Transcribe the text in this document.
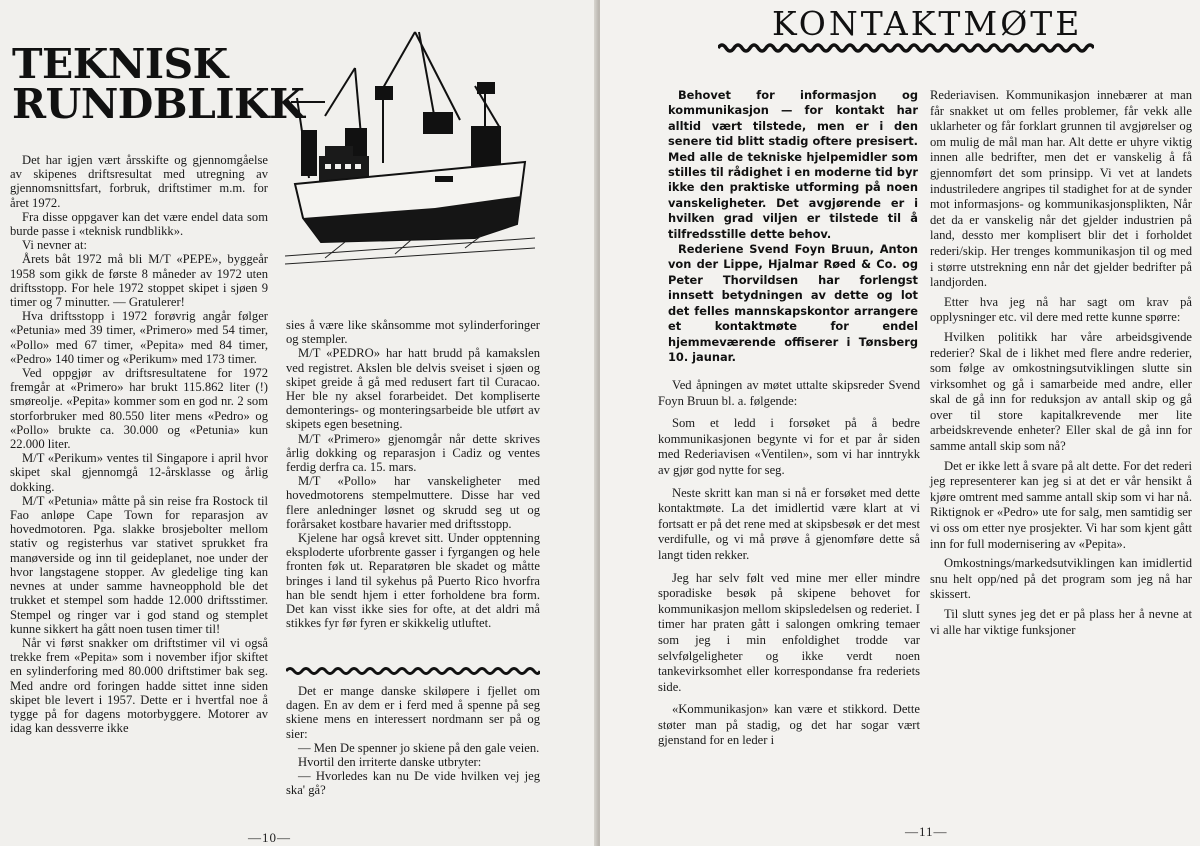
TEKNISK
RUNDBLIKK

Det har igjen vært årsskifte og gjennomgåelse av skipenes driftsresultat med utregning av gjennomsnittsfart, forbruk, driftstimer m.m. for året 1972.

Fra disse oppgaver kan det være endel data som burde passe i «teknisk rundblikk».

Vi nevner at:

Årets båt 1972 må bli M/T «PEPE», byggeår 1958 som gikk de første 8 måneder av 1972 uten driftsstopp. For hele 1972 stoppet skipet i sjøen 9 timer og 7 minutter. — Gratulerer!

Hva driftsstopp i 1972 forøvrig angår følger «Petunia» med 39 timer, «Primero» med 54 timer, «Pollo» med 67 timer, «Pepita» med 84 timer, «Pedro» 140 timer og «Perikum» med 173 timer.

Ved oppgjør av driftsresultatene for 1972 fremgår at «Primero» har brukt 115.862 liter (!) smøreolje. «Pepita» kommer som en god nr. 2 som storforbruker med 80.550 liter mens «Pedro» og «Pollo» brukte ca. 30.000 og «Petunia» kun 22.000 liter.

M/T «Perikum» ventes til Singapore i april hvor skipet skal gjennomgå 12-årsklasse og årlig dokking.

M/T «Petunia» måtte på sin reise fra Rostock til Fao anløpe Cape Town for reparasjon av hovedmotoren. Pga. slakke brosjebolter mellom stativ og registerhus var stativet sprukket fra manøverside og inn til geideplanet, noe under der hvor langstagene stopper. Av gledelige ting kan nevnes at under samme havneopphold ble det trukket et stempel som hadde 12.000 driftsstimer. Stempel og ringer var i god stand og stemplet kunne sikkert ha gått noen tusen timer til!

Når vi først snakker om driftstimer vil vi også trekke frem «Pepita» som i november ifjor skiftet en sylinderforing med 80.000 driftstimer bak seg. Med andre ord foringen hadde sittet inne siden skipet ble levert i 1957. Dette er i hvertfal noe å tygge på for dagens motorbyggere. Motorer av idag kan dessverre ikke

sies å være like skånsomme mot sylinderforinger og stempler.

M/T «PEDRO» har hatt brudd på kamakslen ved registret. Akslen ble delvis sveiset i sjøen og skipet greide å gå med redusert fart til Curacao. Her ble ny aksel forarbeidet. Det kompliserte demonterings- og monteringsarbeide ble utført av skipets egen besetning.

M/T «Primero» gjenomgår når dette skrives årlig dokking og reparasjon i Cadiz og ventes ferdig derfra ca. 15. mars.

M/T «Pollo» har vanskeligheter med hovedmotorens stempelmuttere. Disse har ved flere anledninger løsnet og skrudd seg ut og forårsaket kostbare havarier med driftsstopp.

Kjelene har også krevet sitt. Under opptenning eksploderte uforbrente gasser i fyrgangen og hele fronten føk ut. Reparatøren ble skadet og måtte bringes i land til sykehus på Puerto Rico hvorfra han ble sendt hjem i etter forholdene bra form. Det kan visst ikke sies for ofte, at det aldri må stikkes fyr før fyren er skikkelig utluftet.

Det er mange danske skiløpere i fjellet om dagen. En av dem er i ferd med å spenne på seg skiene mens en interessert nordmann ser på og sier:

— Men De spenner jo skiene på den gale veien.

Hvortil den irriterte danske utbryter:

— Hvorledes kan nu De vide hvilken vej jeg ska' gå?

—10—
KONTAKTMØTE

Behovet for informasjon og kommunikasjon — for kontakt har alltid vært tilstede, men er i den senere tid blitt stadig oftere presisert. Med alle de tekniske hjelpemidler som stilles til rådighet i en moderne tid byr ikke den praktiske utforming på noen vanskeligheter. Det avgjørende er i hvilken grad viljen er tilstede til å tilfredsstille dette behov.

Rederiene Svend Foyn Bruun, Anton von der Lippe, Hjalmar Røed & Co. og Peter Thorvildsen har forlengst innsett betydningen av dette og lot det felles mannskapskontor arrangere et kontaktmøte for endel hjemmeværende offiserer i Tønsberg 10. jaunar.

Ved åpningen av møtet uttalte skipsreder Svend Foyn Bruun bl. a. følgende:

Som et ledd i forsøket på å bedre kommunikasjonen begynte vi for et par år siden med Rederiavisen «Ventilen», som vi har inntrykk av gjør god nytte for seg.

Neste skritt kan man si nå er forsøket med dette kontaktmøte. La det imidlertid være klart at vi fortsatt er på det rene med at skipsbesøk er det mest verdifulle, og vi må prøve å gjenomføre dette så langt tiden rekker.

Jeg har selv følt ved mine mer eller mindre sporadiske besøk på skipene behovet for kommunikasjon mellom skipsledelsen og rederiet. I timer har praten gått i salongen omkring temaer som jeg i min enfoldighet trodde var selvfølgeligheter og ikke verdt noen tankevirksomhet eller korrespondanse fra rederiets side.

«Kommunikasjon» kan være et stikkord. Dette støter man på stadig, og det har sogar vært gjenstand for en leder i

Rederiavisen. Kommunikasjon innebærer at man får snakket ut om felles problemer, får vekk alle uklarheter og får forklart grunnen til avgjørelser og om mulig de mål man har. Alt dette er uhyre viktig innen alle bedrifter, men det er vanskelig å få gjennomført det som prinsipp. Vi vet at landets industriledere angripes til stadighet for at de synder mot informasjons- og kommunikasjonsplikten, Når det da er vanskelig når det gjelder industrien på land, dessto mer komplisert blir det i forholdet rederi/skip. Her trenges kommunikasjon til og med i større utstrekning enn når det gjelder bedrifter på landjorden.

Etter hva jeg nå har sagt om krav på opplysninger etc. vil dere med rette kunne spørre:

Hvilken politikk har våre arbeidsgivende rederier? Skal de i likhet med flere andre rederier, som følge av omkostningsutviklingen slutte sin virksomhet og gå i samarbeide med andre, eller skal de gå inn for reduksjon av antall skip og gå over til store kapitalkrevende mer lite arbeidskrevende enheter? Eller skal de gå inn for samme antall skip som nå?

Det er ikke lett å svare på alt dette. For det rederi jeg representerer kan jeg si at det er vår hensikt å kjøre omtrent med samme antall skip som vi har nå. Riktignok er «Pedro» ute for salg, men samtidig ser vi oss om etter nye prosjekter. Vi har som kjent gått inn for full modernisering av «Pepita».

Omkostnings/markedsutviklingen kan imidlertid snu helt opp/ned på det program som jeg nå har skissert.

Til slutt synes jeg det er på plass her å nevne at vi alle har viktige funksjoner

—11—
